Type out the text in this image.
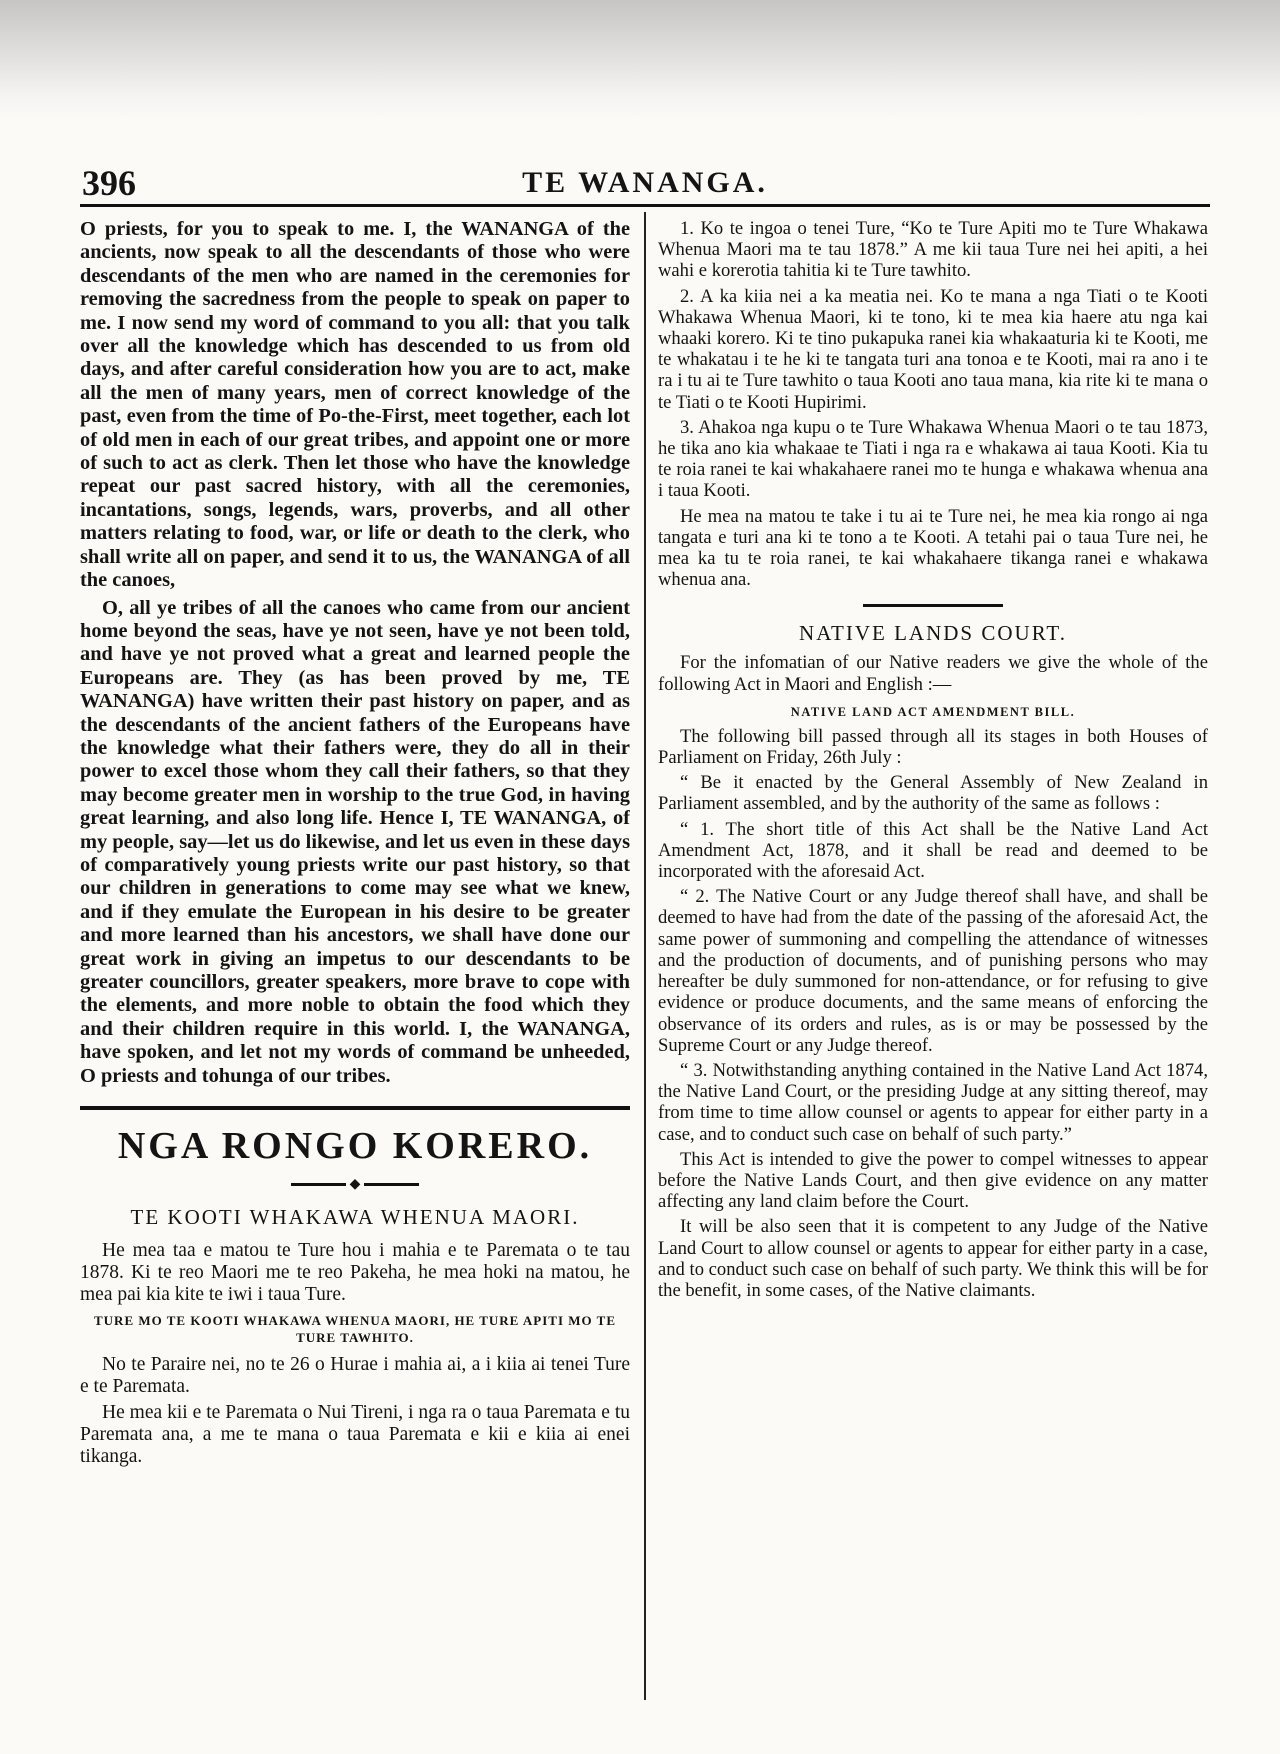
396	TE WANANGA.

O priests, for you to speak to me. I, the WANANGA of the ancients, now speak to all the descendants of those who were descendants of the men who are named in the ceremonies for removing the sacredness from the people to speak on paper to me. I now send my word of command to you all: that you talk over all the knowledge which has descended to us from old days, and after careful consideration how you are to act, make all the men of many years, men of correct knowledge of the past, even from the time of Po-the-First, meet together, each lot of old men in each of our great tribes, and appoint one or more of such to act as clerk. Then let those who have the knowledge repeat our past sacred history, with all the ceremonies, incantations, songs, legends, wars, proverbs, and all other matters relating to food, war, or life or death to the clerk, who shall write all on paper, and send it to us, the WANANGA of all the canoes,

O, all ye tribes of all the canoes who came from our ancient home beyond the seas, have ye not seen, have ye not been told, and have ye not proved what a great and learned people the Europeans are. They (as has been proved by me, TE WANANGA) have written their past history on paper, and as the descendants of the ancient fathers of the Europeans have the knowledge what their fathers were, they do all in their power to excel those whom they call their fathers, so that they may become greater men in worship to the true God, in having great learning, and also long life. Hence I, TE WANANGA, of my people, say—let us do likewise, and let us even in these days of comparatively young priests write our past history, so that our children in generations to come may see what we knew, and if they emulate the European in his desire to be greater and more learned than his ancestors, we shall have done our great work in giving an impetus to our descendants to be greater councillors, greater speakers, more brave to cope with the elements, and more noble to obtain the food which they and their children require in this world. I, the WANANGA, have spoken, and let not my words of command be unheeded, O priests and tohunga of our tribes.

NGA RONGO KORERO.
◆
TE KOOTI WHAKAWA WHENUA MAORI.

He mea taa e matou te Ture hou i mahia e te Paremata o te tau 1878. Ki te reo Maori me te reo Pakeha, he mea hoki na matou, he mea pai kia kite te iwi i taua Ture.

TURE MO TE KOOTI WHAKAWA WHENUA MAORI, HE TURE APITI MO TE TURE TAWHITO.

No te Paraire nei, no te 26 o Hurae i mahia ai, a i kiia ai tenei Ture e te Paremata.

He mea kii e te Paremata o Nui Tireni, i nga ra o taua Paremata e tu Paremata ana, a me te mana o taua Paremata e kii e kiia ai enei tikanga.

1. Ko te ingoa o tenei Ture, “Ko te Ture Apiti mo te Ture Whakawa Whenua Maori ma te tau 1878.” A me kii taua Ture nei hei apiti, a hei wahi e korerotia tahitia ki te Ture tawhito.

2. A ka kiia nei a ka meatia nei. Ko te mana a nga Tiati o te Kooti Whakawa Whenua Maori, ki te tono, ki te mea kia haere atu nga kai whaaki korero. Ki te tino pukapuka ranei kia whakaaturia ki te Kooti, me te whakatau i te he ki te tangata turi ana tonoa e te Kooti, mai ra ano i te ra i tu ai te Ture tawhito o taua Kooti ano taua mana, kia rite ki te mana o te Tiati o te Kooti Hupirimi.

3. Ahakoa nga kupu o te Ture Whakawa Whenua Maori o te tau 1873, he tika ano kia whakaae te Tiati i nga ra e whakawa ai taua Kooti. Kia tu te roia ranei te kai whakahaere ranei mo te hunga e whakawa whenua ana i taua Kooti.

He mea na matou te take i tu ai te Ture nei, he mea kia rongo ai nga tangata e turi ana ki te tono a te Kooti. A tetahi pai o taua Ture nei, he mea ka tu te roia ranei, te kai whakahaere tikanga ranei e whakawa whenua ana.

NATIVE LANDS COURT.

For the infomatian of our Native readers we give the whole of the following Act in Maori and English :—

NATIVE LAND ACT AMENDMENT BILL.

The following bill passed through all its stages in both Houses of Parliament on Friday, 26th July :

“ Be it enacted by the General Assembly of New Zealand in Parliament assembled, and by the authority of the same as follows :

“ 1. The short title of this Act shall be the Native Land Act Amendment Act, 1878, and it shall be read and deemed to be incorporated with the aforesaid Act.

“ 2. The Native Court or any Judge thereof shall have, and shall be deemed to have had from the date of the passing of the aforesaid Act, the same power of summoning and compelling the attendance of witnesses and the production of documents, and of punishing persons who may hereafter be duly summoned for non-attendance, or for refusing to give evidence or produce documents, and the same means of enforcing the observance of its orders and rules, as is or may be possessed by the Supreme Court or any Judge thereof.

“ 3. Notwithstanding anything contained in the Native Land Act 1874, the Native Land Court, or the presiding Judge at any sitting thereof, may from time to time allow counsel or agents to appear for either party in a case, and to conduct such case on behalf of such party.”

This Act is intended to give the power to compel witnesses to appear before the Native Lands Court, and then give evidence on any matter affecting any land claim before the Court.

It will be also seen that it is competent to any Judge of the Native Land Court to allow counsel or agents to appear for either party in a case, and to conduct such case on behalf of such party. We think this will be for the benefit, in some cases, of the Native claimants.
